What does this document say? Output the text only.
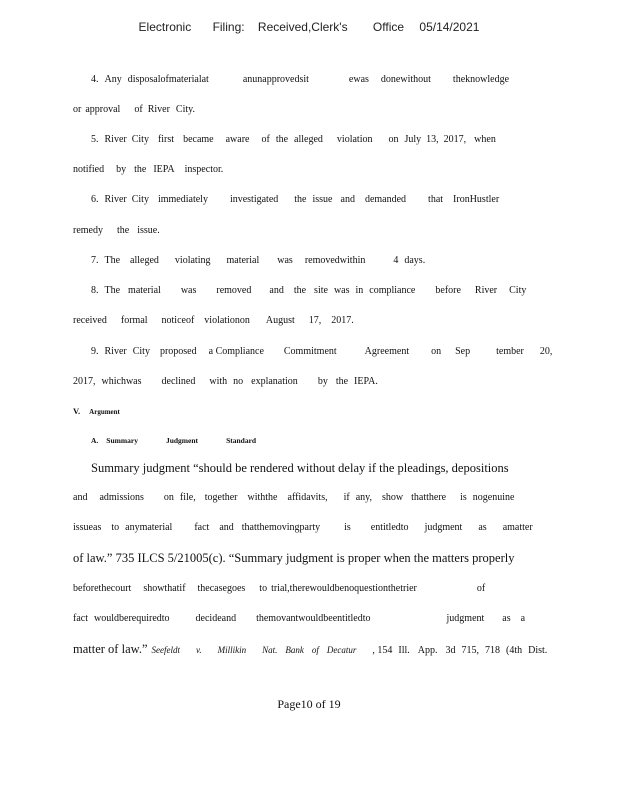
Electronic Filing: Received,Clerk's Office 05/14/2021
4. Any disposalofmaterialat	anunapprovedsit	ewas donewithout theknowledge
or approval of River City.
5. River City first became aware of the alleged violation on July 13, 2017, when
notified by the IEPA inspector.
6. River City immediately investigated the issue and demanded that IronHustler
remedy the issue.
7. The alleged violating material was removedwithin	4 days.
8. The material was removed and the site was in compliance before River City
received formal noticeof violationon August 17, 2017.
9. River City proposed a Compliance Commitment	Agreement on Sep	tember 20,
2017, whichwas declined with no explanation by the IEPA.
V. Argument
A. Summary	Judgment	Standard
Summary judgment “should be rendered without delay if the pleadings, depositions
and admissions on file, together withthe affidavits, if any, show thatthere is nogenuine
issueas to anymaterial fact and thatthemovingparty is entitledto judgment as amatter
of law.” 735 ILCS 5/21005(c). “Summary judgment is proper when the matters properly
beforethecourt showthatif thecasegoes to trial,therewouldbenoquestionthetrier	of
fact wouldberequiredto	decideand themovantwouldbeentitledto	judgment as a
matter of law.” Seefeldt v. Millikin Nat. Bank of Decatur , 154 Ill. App. 3d 715, 718 (4th Dist.
Page10 of 19
